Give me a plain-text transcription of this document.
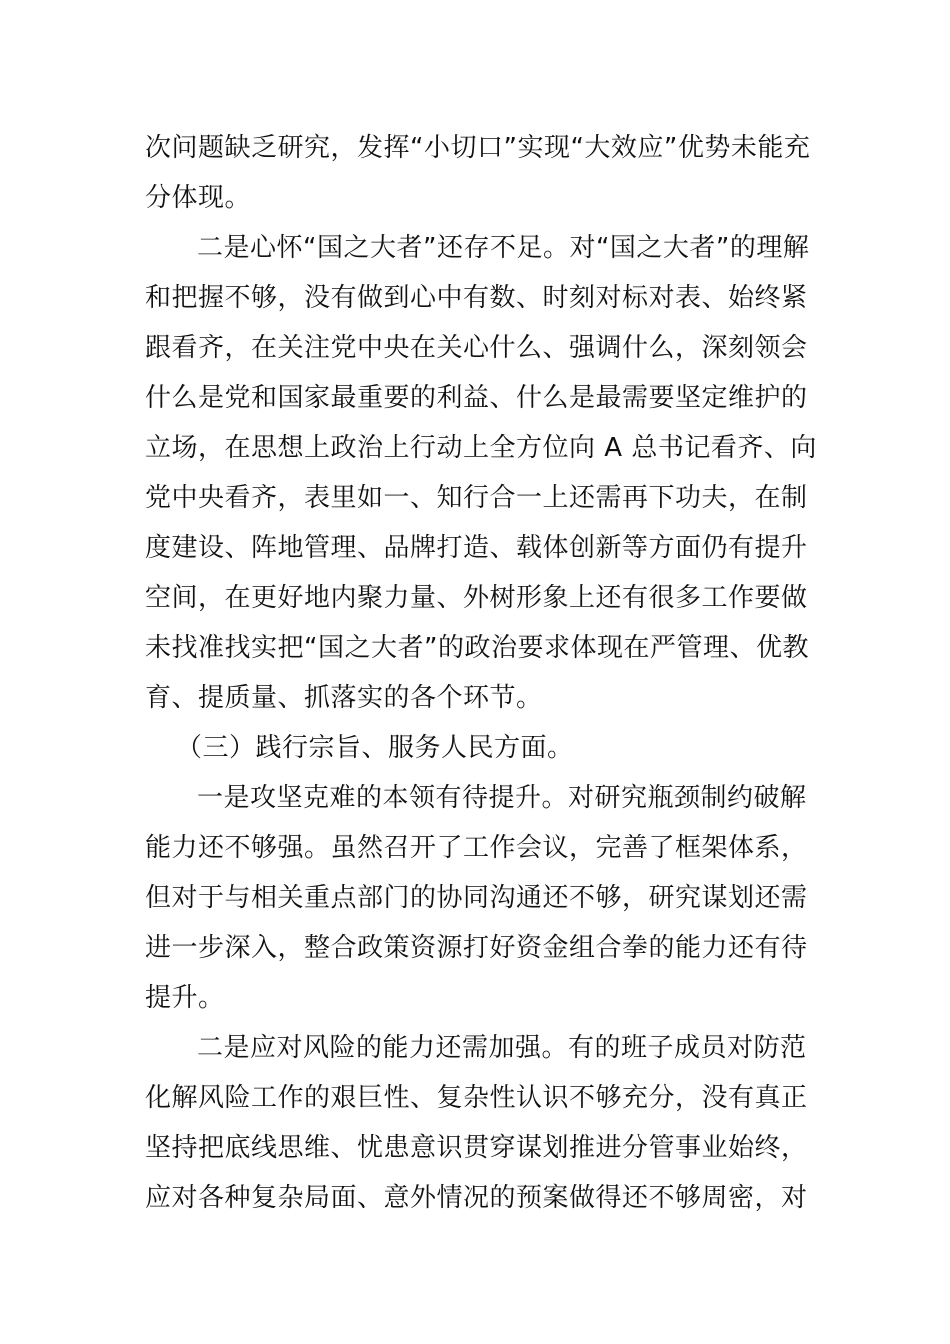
次问题缺乏研究，发挥“小切口”实现“大效应”优势未能充
分体现。
二是心怀“国之大者”还存不足。对“国之大者”的理解
和把握不够，没有做到心中有数、时刻对标对表、始终紧
跟看齐，在关注党中央在关心什么、强调什么，深刻领会
什么是党和国家最重要的利益、什么是最需要坚定维护的
立场，在思想上政治上行动上全方位向 A 总书记看齐、向
党中央看齐，表里如一、知行合一上还需再下功夫，在制
度建设、阵地管理、品牌打造、载体创新等方面仍有提升
空间，在更好地内聚力量、外树形象上还有很多工作要做
未找准找实把“国之大者”的政治要求体现在严管理、优教
育、提质量、抓落实的各个环节。
（三）践行宗旨、服务人民方面。
一是攻坚克难的本领有待提升。对研究瓶颈制约破解
能力还不够强。虽然召开了工作会议，完善了框架体系，
但对于与相关重点部门的协同沟通还不够，研究谋划还需
进一步深入，整合政策资源打好资金组合拳的能力还有待
提升。
二是应对风险的能力还需加强。有的班子成员对防范
化解风险工作的艰巨性、复杂性认识不够充分，没有真正
坚持把底线思维、忧患意识贯穿谋划推进分管事业始终，
应对各种复杂局面、意外情况的预案做得还不够周密，对
